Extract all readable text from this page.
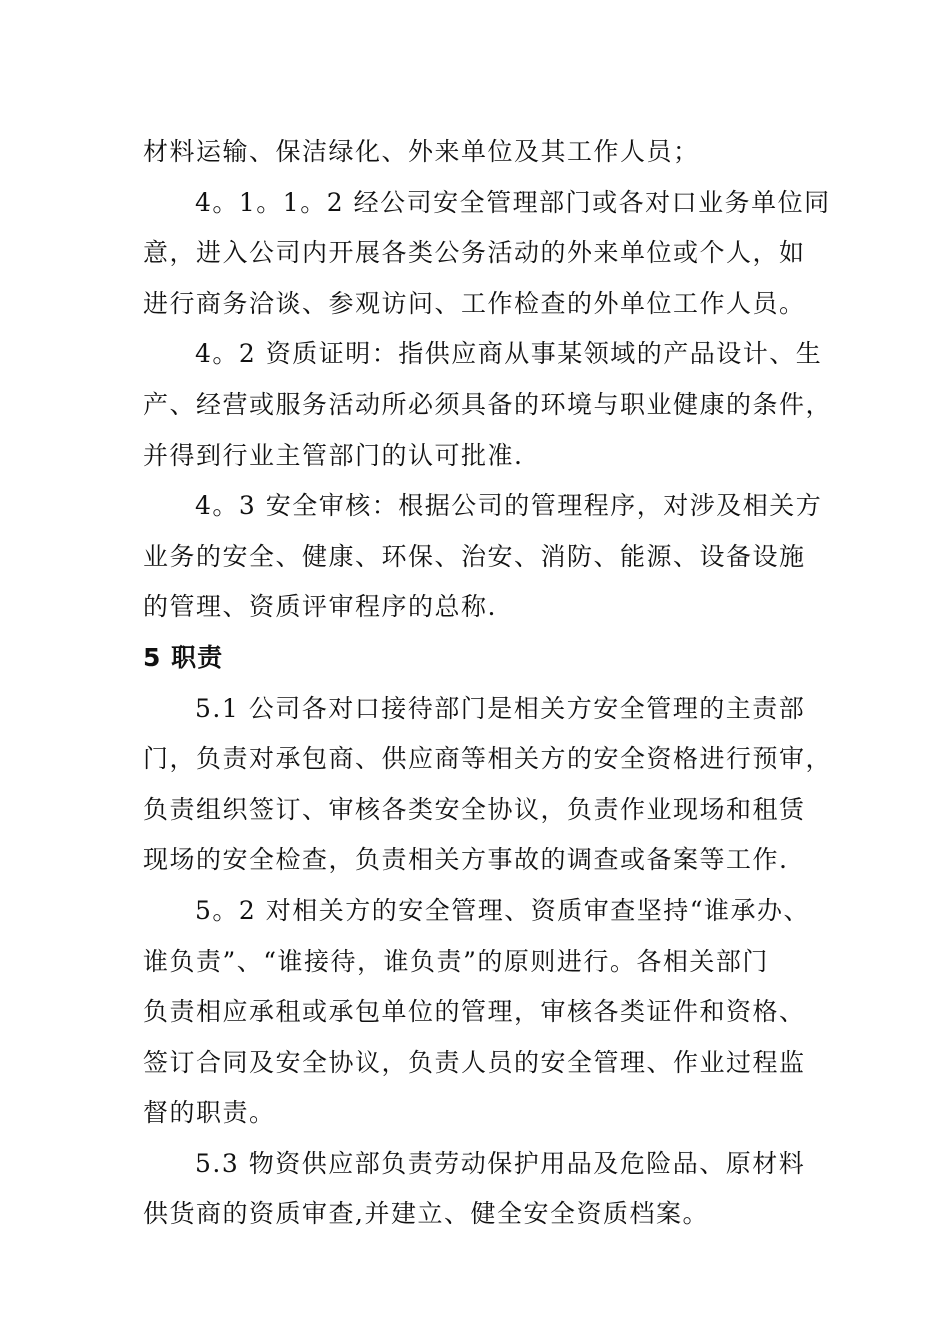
材料运输、保洁绿化、外来单位及其工作人员；
4。1。1。2 经公司安全管理部门或各对口业务单位同
意，进入公司内开展各类公务活动的外来单位或个人，如
进行商务洽谈、参观访问、工作检查的外单位工作人员。
4。2 资质证明：指供应商从事某领域的产品设计、生
产、经营或服务活动所必须具备的环境与职业健康的条件，
并得到行业主管部门的认可批准.
4。3 安全审核：根据公司的管理程序，对涉及相关方
业务的安全、健康、环保、治安、消防、能源、设备设施
的管理、资质评审程序的总称.
5 职责
5.1 公司各对口接待部门是相关方安全管理的主责部
门，负责对承包商、供应商等相关方的安全资格进行预审，
负责组织签订、审核各类安全协议，负责作业现场和租赁
现场的安全检查，负责相关方事故的调查或备案等工作.
5。2 对相关方的安全管理、资质审查坚持“谁承办、
谁负责”、“谁接待，谁负责”的原则进行。各相关部门
负责相应承租或承包单位的管理，审核各类证件和资格、
签订合同及安全协议，负责人员的安全管理、作业过程监
督的职责。
5.3 物资供应部负责劳动保护用品及危险品、原材料
供货商的资质审查,并建立、健全安全资质档案。
